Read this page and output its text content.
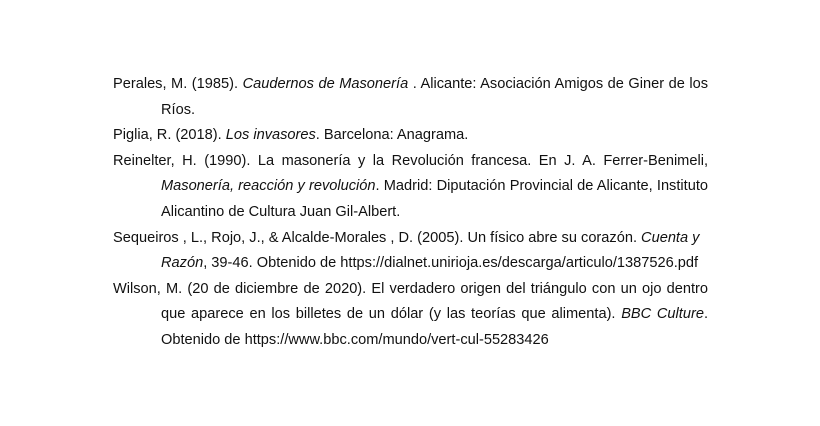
Perales, M. (1985). Caudernos de Masonería . Alicante: Asociación Amigos de Giner de los Ríos.

Piglia, R. (2018). Los invasores. Barcelona: Anagrama.

Reinelter, H. (1990). La masonería y la Revolución francesa. En J. A. Ferrer-Benimeli, Masonería, reacción y revolución. Madrid: Diputación Provincial de Alicante, Instituto Alicantino de Cultura Juan Gil-Albert.

Sequeiros , L., Rojo, J., & Alcalde-Morales , D. (2005). Un físico abre su corazón. Cuenta y Razón, 39-46. Obtenido de https://dialnet.unirioja.es/descarga/articulo/1387526.pdf

Wilson, M. (20 de diciembre de 2020). El verdadero origen del triángulo con un ojo dentro que aparece en los billetes de un dólar (y las teorías que alimenta). BBC Culture. Obtenido de https://www.bbc.com/mundo/vert-cul-55283426
